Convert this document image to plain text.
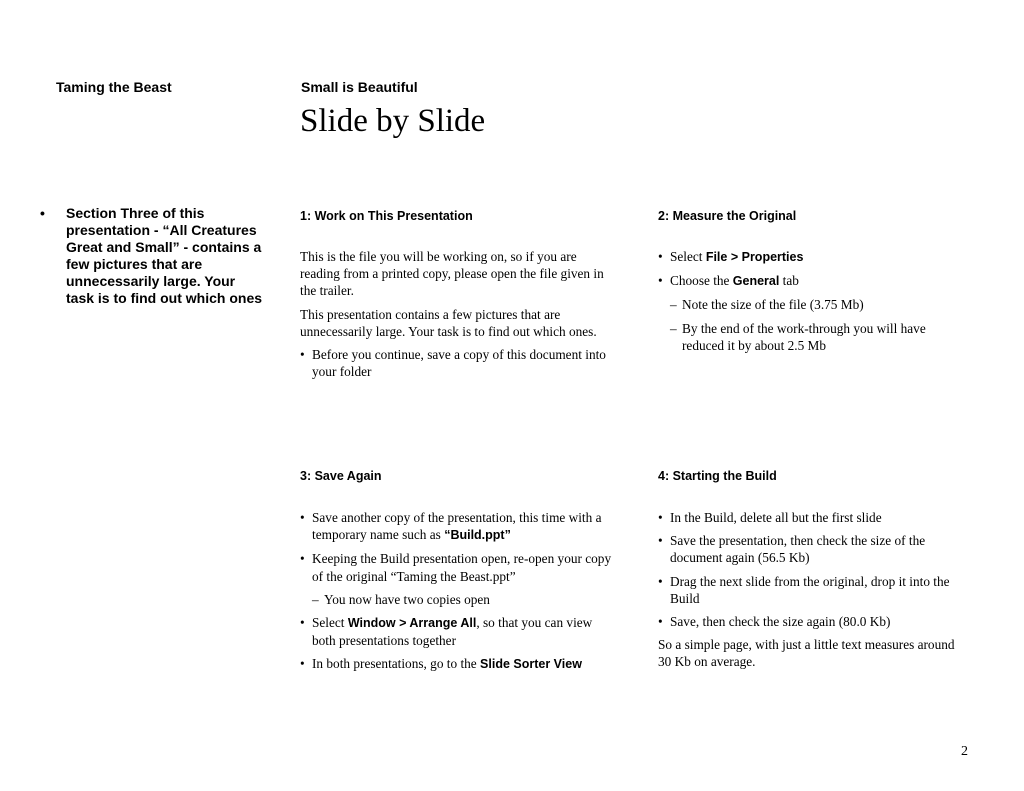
Taming the Beast	Small is Beautiful
Slide by Slide
• Section Three of this presentation - “All Creatures Great and Small” - contains a few pictures that are unnecessarily large. Your task is to find out which ones
1: Work on This Presentation

This is the file you will be working on, so if you are reading from a printed copy, please open the file given in the trailer.

This presentation contains a few pictures that are unnecessarily large. Your task is to find out which ones.

• Before you continue, save a copy of this document into your folder
2: Measure the Original
• Select File > Properties
• Choose the General tab
– Note the size of the file (3.75 Mb)
– By the end of the work-through you will have reduced it by about 2.5 Mb
3: Save Again
• Save another copy of the presentation, this time with a temporary name such as “Build.ppt”
• Keeping the Build presentation open, re-open your copy of the original “Taming the Beast.ppt”
– You now have two copies open
• Select Window > Arrange All, so that you can view both presentations together
• In both presentations, go to the Slide Sorter View
4: Starting the Build
• In the Build, delete all but the first slide
• Save the presentation, then check the size of the document again (56.5 Kb)
• Drag the next slide from the original, drop it into the Build
• Save, then check the size again (80.0 Kb)

So a simple page, with just a little text measures around 30 Kb on average.

2
